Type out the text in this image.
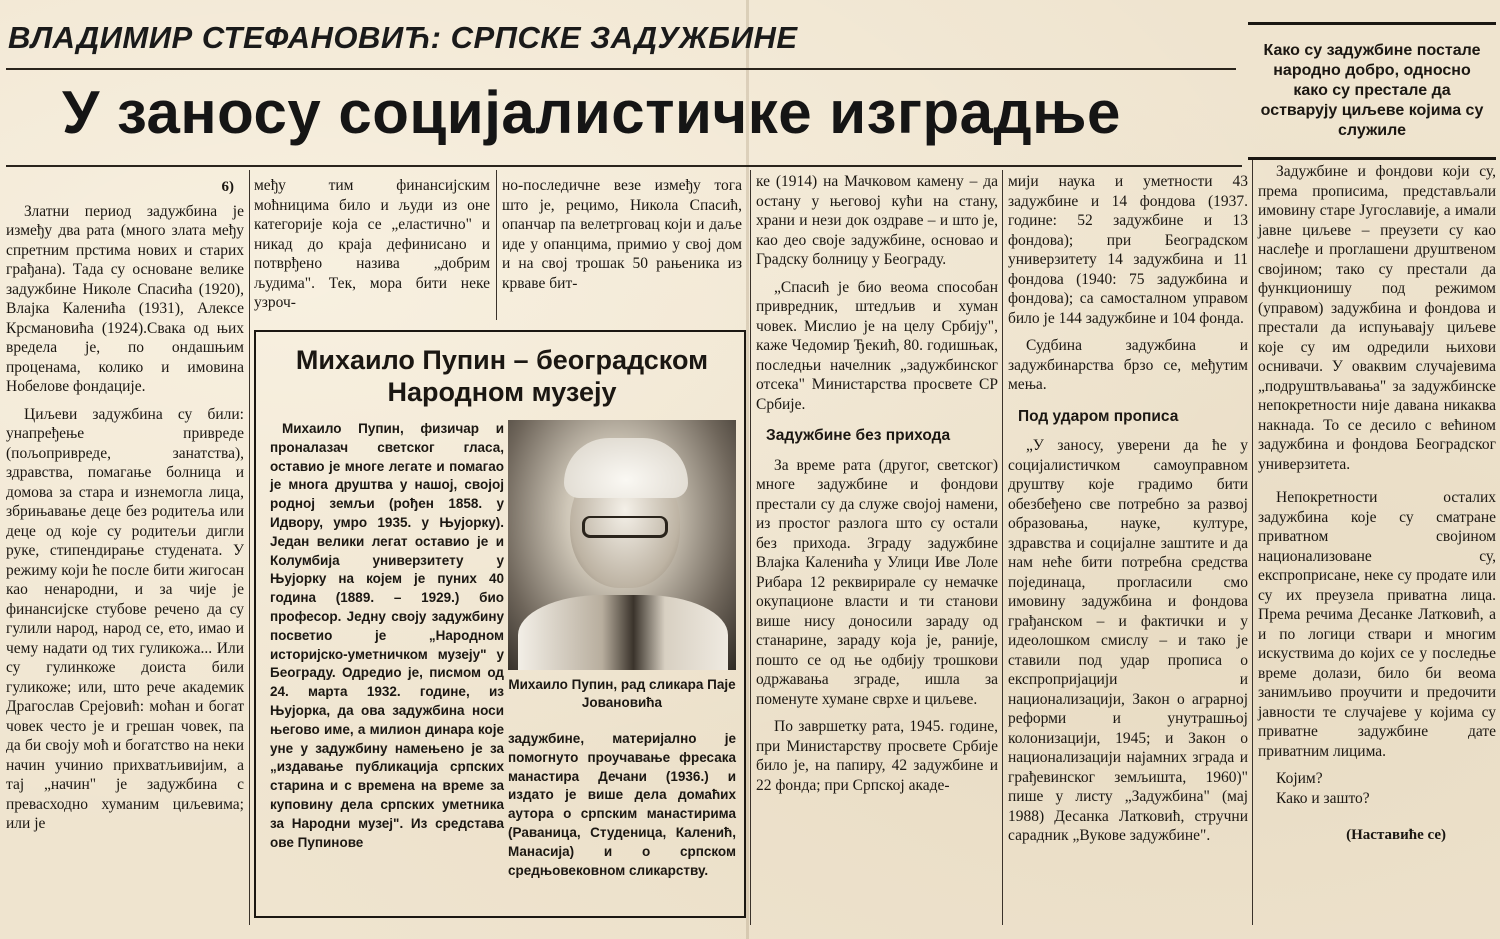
ВЛАДИМИР СТЕФАНОВИЋ: СРПСКЕ ЗАДУЖБИНЕ
У заносу социјалистичке изградње

Како су задужбине постале народно добро, односно како су престале да остварују циљеве којима су служиле

6)

Златни период задужбина је између два рата (много злата међу спретним прстима нових и старих грађана). Тада су основане велике задужбине Николе Спасића (1920), Влајка Каленића (1931), Алексе Крсмановића (1924).Свака од њих вредела је, по ондашњим проценама, колико и имовина Нобелове фондације.

Циљеви задужбина су били: унапређење привреде (пољопривреде, занатства), здравства, помагање болница и домова за стара и изнемогла лица, збрињавање деце без родитеља или деце од које су родитељи дигли руке, стипендирање студената. У режиму који ће после бити жигосан као ненародни, и за чије је финансијске стубове речено да су гулили народ, народ се, ето, имао и чему надати од тих гуликожа... Или су гулинкоже доиста били гуликоже; или, што рече академик Драгослав Срејовић: моћан и богат човек често је и грешан човек, па да би своју моћ и богатство на неки начин учинио прихватљивијим, а тај „начин" је задужбина с превасходно хуманим циљевима; или је

међу тим финансијским моћницима било и људи из оне категорије која се „еластично" и никад до краја дефинисано и потврђено назива „добрим људима". Тек, мора бити неке узроч-

но-последичне везе између тога што је, рецимо, Никола Спасић, опанчар па велетрговац који и даље иде у опанцима, примио у свој дом и на свој трошак 50 рањеника из крваве бит-

Михаило Пупин – београдском Народном музеју

Михаило Пупин, физичар и проналазач светског гласа, оставио је многе легате и помагао је многа друштва у нашој, својој родној земљи (рођен 1858. у Идвору, умро 1935. у Њујорку). Један велики легат оставио је и Колумбија универзитету у Њујорку на којем је пуних 40 година (1889. – 1929.) био професор. Једну своју задужбину посветио је „Народном историјско-уметничком музеју" у Београду. Одредио је, писмом од 24. марта 1932. године, из Њујорка, да ова задужбина носи његово име, а милион динара које уне у задужбину намењено је за „издавање публикација српских старина и с времена на време за куповину дела српских уметника за Народни музеј". Из средстава ове Пупинове

Михаило Пупин, рад сликара Паје Јовановића

задужбине, материјално је помогнуто проучавање фресака манастира Дечани (1936.) и издато је више дела домаћих аутора о српским манастирима (Раваница, Студеница, Каленић, Манасија) и о српском средњовековном сликарству.

ке (1914) на Мачковом камену – да остану у његовој кући на стану, храни и нези док оздраве – и што је, као део своје задужбине, основао и Градску болницу у Београду.

„Спасић је био веома способан привредник, штедљив и хуман човек. Мислио је на целу Србију", каже Чедомир Ђекић, 80. годишњак, последњи начелник „задужбинског отсека" Министарства просвете СР Србије.

Задужбине без прихода

За време рата (другог, светског) многе задужбине и фондови престали су да служе својој намени, из простог разлога што су остали без прихода. Зграду задужбине Влајка Каленића у Улици Иве Лоле Рибара 12 реквирирале су немачке окупационе власти и ти станови више нису доносили зараду од станарине, зараду која је, раније, пошто се од ње одбију трошкови одржавања зграде, ишла за поменуте хумане сврхе и циљеве.

По завршетку рата, 1945. године, при Министарству просвете Србије било је, на папиру, 42 задужбине и 22 фонда; при Српској акаде-

мији наука и уметности 43 задужбине и 14 фондова (1937. године: 52 задужбине и 13 фондова); при Београдском универзитету 14 задужбина и 11 фондова (1940: 75 задужбина и фондова); са самосталном управом било је 144 задужбине и 104 фонда.

Судбина задужбина и задужбинарства брзо се, међутим мења.

Под ударом прописа

„У заносу, уверени да ће у социјалистичком самоуправном друштву које градимо бити обезбеђено све потребно за развој образовања, науке, културе, здравства и социјалне заштите и да нам неће бити потребна средства појединаца, прогласили смо имовину задужбина и фондова грађанском – и фактички и у идеолошком смислу – и тако је ставили под удар прописа о експропријацији и национализацији, Закон о аграрној реформи и унутрашњој колонизацији, 1945; и Закон о национализацији најамних зграда и грађевинског земљишта, 1960)" пише у листу „Задужбина" (мај 1988) Десанка Латковић, стручни сарадник „Вукове задужбине".

Задужбине и фондови који су, према прописима, представљали имовину старе Југославије, а имали јавне циљеве – преузети су као наслеђе и проглашени друштвеном својином; тако су престали да функционишу под режимом (управом) задужбина и фондова и престали да испуњавају циљеве које су им одредили њихови оснивачи. У оваквим случајевима „подруштвљавања" за задужбинске непокретности није давана никаква накнада. То се десило с већином задужбина и фондова Београдског универзитета.

Непокретности осталих задужбина које су сматране приватном својином национализоване су, експроприсане, неке су продате или су их преузела приватна лица. Према речима Десанке Латковић, а и по логици ствари и многим искуствима до којих се у последње време долази, било би веома занимљиво проучити и предочити јавности те случајеве у којима су приватне задужбине дате приватним лицима.

Којим?

Како и зашто?

(Наставиће се)
